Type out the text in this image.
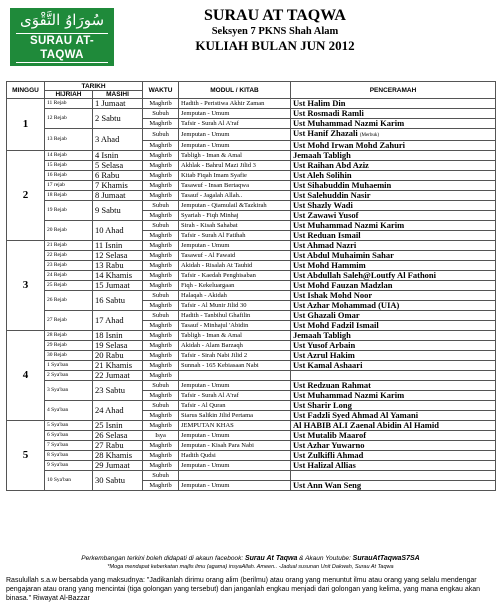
سُورَاوُ التَّقْوَى
SURAU AT-TAQWA
Jalan Jasper, Seksyen 7 Shah Alam
SURAU AT TAQWA
Seksyen 7 PKNS Shah Alam
KULIAH BULAN JUN 2012
MINGGU	TARIKH		WAKTU	MODUL / KITAB	PENCERAMAH
	HIJRIAH	MASIHI			
1	11 Rejab	1 Jumaat	Maghrib	Hadith - Peristiwa Akhir Zaman	Ust Halim Din
	12 Rejab	2 Sabtu	Subuh	Jemputan - Umum	Ust Rosmadi Ramli
			Maghrib	Tafsir - Surah Al A'raf	Ust Muhammad Nazmi Karim
	13 Rejab	3 Ahad	Subuh	Jemputan - Umum	Ust Hanif Zhazali (Merbuk)
			Maghrib	Jemputan - Umum	Ust Mohd Irwan Mohd Zahuri
2	14 Rejab	4 Isnin	Maghrib	Tabligh - Iman & Amal	Jemaah Tabligh
	15 Rejab	5 Selasa	Maghrib	Akhlak - Bahrul Mazi Jilid 3	Ust Raihan Abd Aziz
	16 Rejab	6 Rabu	Maghrib	Kitab Fiqah Imam Syafie	Ust Aleh Solihin
	17 rejab	7 Khamis	Maghrib	Tasawuf - Insan Bertaqwa	Ust Sihabuddin Muhaemin
	18 Rejab	8 Jumaat	Maghrib	Tasauf - Jagalah Allah..	Ust Salehuddin Nasir
	19 Rejab	9 Sabtu	Subuh	Jemputan - Qiamulail &Tazkirah	Ust Shazly Wadi
			Maghrib	Syariah - Fiqh Minhaj	Ust Zawawi Yusof
	20 Rejab	10 Ahad	Subuh	Sirah - Kisah Sahabat	Ust Muhammad Nazmi Karim
			Maghrib	Tafsir - Surah Al Fatihah	Ust Reduan Ismail
3	21 Rejab	11 Isnin	Maghrib	Jemputan - Umum	Ust Ahmad Nazri
	22 Rejab	12 Selasa	Maghrib	Tasawuf - Al Fawaid	Ust Abdul Muhaimin Sahar
	23 Rejab	13 Rabu	Maghrib	Akidah - Risalah At Tauhid	Ust Mohd Hammim
	24 Rejab	14 Khamis	Maghrib	Tafsir - Kaedah Penghisaban	Ust Abdullah Saleh@Loutfy Al Fathoni
	25 Rejab	15 Jumaat	Maghrib	Fiqh - Kekeluargaan	Ust Mohd Fauzan Madzlan
	26 Rejab	16 Sabtu	Subuh	Halaqah - Akidah	Ust Ishak Mohd Noor
			Maghrib	Tafsir - Al Munir Jilid 30	Ust Azhar Mohammad (UIA)
	27 Rejab	17 Ahad	Subuh	Hadith - Tanbihul Ghafilin	Ust Ghazali Omar
			Maghrib	Tasauf - Minhajul 'Abidin	Ust Mohd Fadzil Ismail
4	28 Rejab	18 Isnin	Maghrib	Tabligh - Iman & Amal	Jemaah Tabligh
	29 Rejab	19 Selasa	Maghrib	Akidah - Alam Barzaqh	Ust Yusof Arbain
	30 Rejab	20 Rabu	Maghrib	Tafsir - Sirah Nabi Jilid 2	Ust Azrul Hakim
	1 Sya'ban	21 Khamis	Maghrib	Sunnah - 165 Kebiasaan Nabi	Ust Kamal Ashaari
	2 Sya'ban	22 Jumaat	Maghrib		
	3 Sya'ban	23 Sabtu	Subuh	Jemputan - Umum	Ust Redzuan Rahmat
			Maghrib	Tafsir - Surah Al A'raf	Ust Muhammad Nazmi Karim
	4 Sya'ban	24 Ahad	Subuh	Tafsir - Al Quran	Ust Sharir Long
			Maghrib	Siarus Salikin Jilid Pertama	Ust Fadzli Syed Ahmad Al Yamani
5	5 Sya'ban	25 Isnin	Maghrib	JEMPUTAN KHAS	Al HABIB ALI Zaenal Abidin Al Hamid
	6 Sya'ban	26 Selasa	Isya	Jemputan - Umum	Ust Mutalib Maarof
	7 Sya'ban	27 Rabu	Maghrib	Jemputan - Kisah Para Nabi	Ust Azhar Yuwarno
	8 Sya'ban	28 Khamis	Maghrib	Hadith Qudsi	Ust Zulkifli Ahmad
	9 Sya'ban	29 Jumaat	Maghrib	Jemputan - Umum	Ust Halizal Allias
	10 Sya'ban	30 Sabtu	Subuh		
			Maghrib	Jemputan - Umum	Ust Ann Wan Seng
Perkembangan terkini boleh didapati di akaun facebook: Surau At Taqwa & Akaun Youtube: SurauAtTaqwaS7SA
*Moga mendapat keberkatan majlis ilmu (agama) insyaAllah. Ameen.. -Jadual susunan Unit Dakwah, Surau At Taqwa
Rasulullah s.a.w bersabda yang maksudnya: "Jadikanlah dirimu orang alim (berilmu) atau orang yang menuntut ilmu atau orang yang selalu mendengar pengajaran atau orang yang mencintai (tiga golongan yang tersebut) dan janganlah engkau menjadi dari golongan yang kelima, yang mana engkau akan binasa." Riwayat Al-Bazzar
